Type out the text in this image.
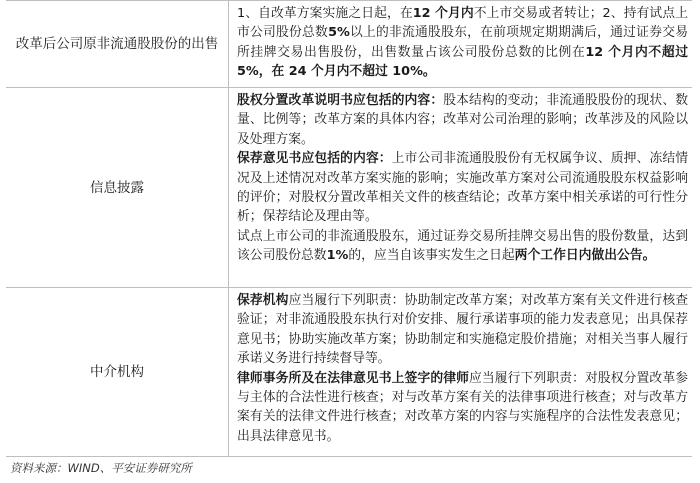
改革后公司原非流通股股份的出售

1、自改革方案实施之日起，在12 个月内不上市交易或者转让；2、持有试点上市公司股份总数5%以上的非流通股股东，在前项规定期期满后，通过证券交易所挂牌交易出售股份，出售数量占该公司股份总数的比例在12 个月内不超过 5%，在 24 个月内不超过 10%。

信息披露

股权分置改革说明书应包括的内容：股本结构的变动；非流通股股份的现状、数量、比例等；改革方案的具体内容；改革对公司治理的影响；改革涉及的风险以及处理方案。

保荐意见书应包括的内容：上市公司非流通股股份有无权属争议、质押、冻结情况及上述情况对改革方案实施的影响；实施改革方案对公司流通股股东权益影响的评价；对股权分置改革相关文件的核查结论；改革方案中相关承诺的可行性分析；保荐结论及理由等。

试点上市公司的非流通股股东，通过证券交易所挂牌交易出售的股份数量，达到该公司股份总数1%的，应当自该事实发生之日起两个工作日内做出公告。

中介机构

保荐机构应当履行下列职责：协助制定改革方案；对改革方案有关文件进行核查验证；对非流通股股东执行对价安排、履行承诺事项的能力发表意见；出具保荐意见书；协助实施改革方案；协助制定和实施稳定股价措施；对相关当事人履行承诺义务进行持续督导等。

律师事务所及在法律意见书上签字的律师应当履行下列职责：对股权分置改革参与主体的合法性进行核查；对与改革方案有关的法律事项进行核查；对与改革方案有关的法律文件进行核查；对改革方案的内容与实施程序的合法性发表意见；出具法律意见书。

资料来源：WIND、平安证券研究所
